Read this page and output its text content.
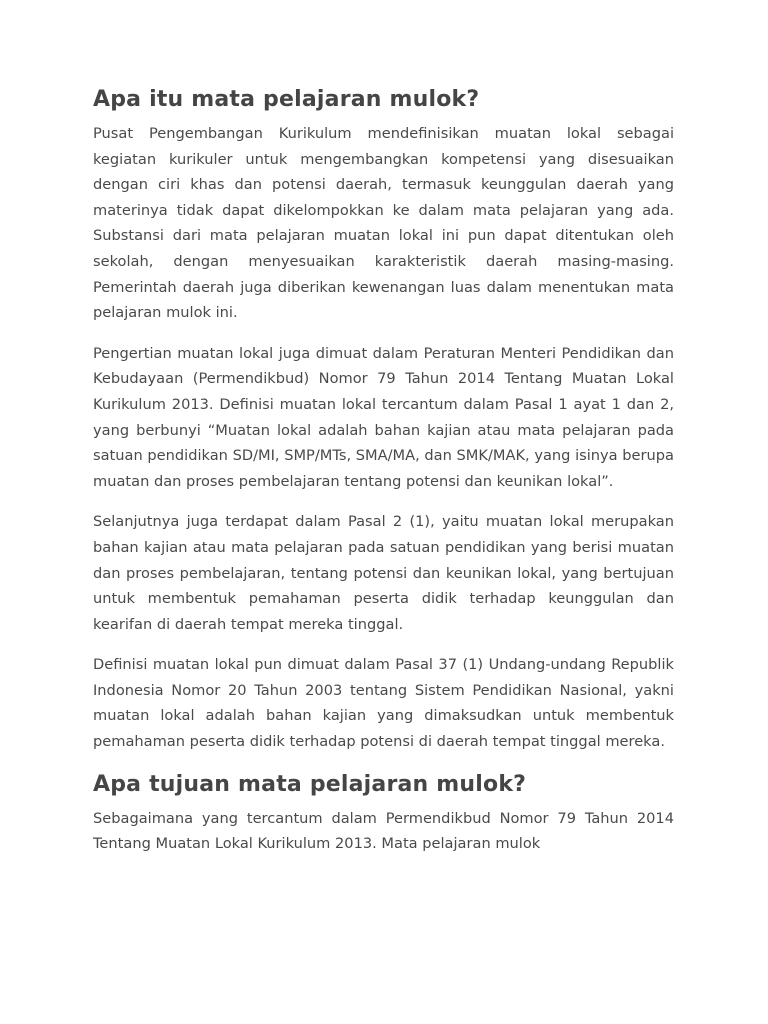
Apa itu mata pelajaran mulok?

Pusat Pengembangan Kurikulum mendefinisikan muatan lokal sebagai kegiatan kurikuler untuk mengembangkan kompetensi yang disesuaikan dengan ciri khas dan potensi daerah, termasuk keunggulan daerah yang materinya tidak dapat dikelompokkan ke dalam mata pelajaran yang ada. Substansi dari mata pelajaran muatan lokal ini pun dapat ditentukan oleh sekolah, dengan menyesuaikan karakteristik daerah masing-masing. Pemerintah daerah juga diberikan kewenangan luas dalam menentukan mata pelajaran mulok ini.

Pengertian muatan lokal juga dimuat dalam Peraturan Menteri Pendidikan dan Kebudayaan (Permendikbud) Nomor 79 Tahun 2014 Tentang Muatan Lokal Kurikulum 2013. Definisi muatan lokal tercantum dalam Pasal 1 ayat 1 dan 2, yang berbunyi “Muatan lokal adalah bahan kajian atau mata pelajaran pada satuan pendidikan SD/MI, SMP/MTs, SMA/MA, dan SMK/MAK, yang isinya berupa muatan dan proses pembelajaran tentang potensi dan keunikan lokal”.

Selanjutnya juga terdapat dalam Pasal 2 (1), yaitu muatan lokal merupakan bahan kajian atau mata pelajaran pada satuan pendidikan yang berisi muatan dan proses pembelajaran, tentang potensi dan keunikan lokal, yang bertujuan untuk membentuk pemahaman peserta didik terhadap keunggulan dan kearifan di daerah tempat mereka tinggal.

Definisi muatan lokal pun dimuat dalam Pasal 37 (1) Undang-undang Republik Indonesia Nomor 20 Tahun 2003 tentang Sistem Pendidikan Nasional, yakni muatan lokal adalah bahan kajian yang dimaksudkan untuk membentuk pemahaman peserta didik terhadap potensi di daerah tempat tinggal mereka.

Apa tujuan mata pelajaran mulok?

Sebagaimana yang tercantum dalam Permendikbud Nomor 79 Tahun 2014 Tentang Muatan Lokal Kurikulum 2013. Mata pelajaran mulok
